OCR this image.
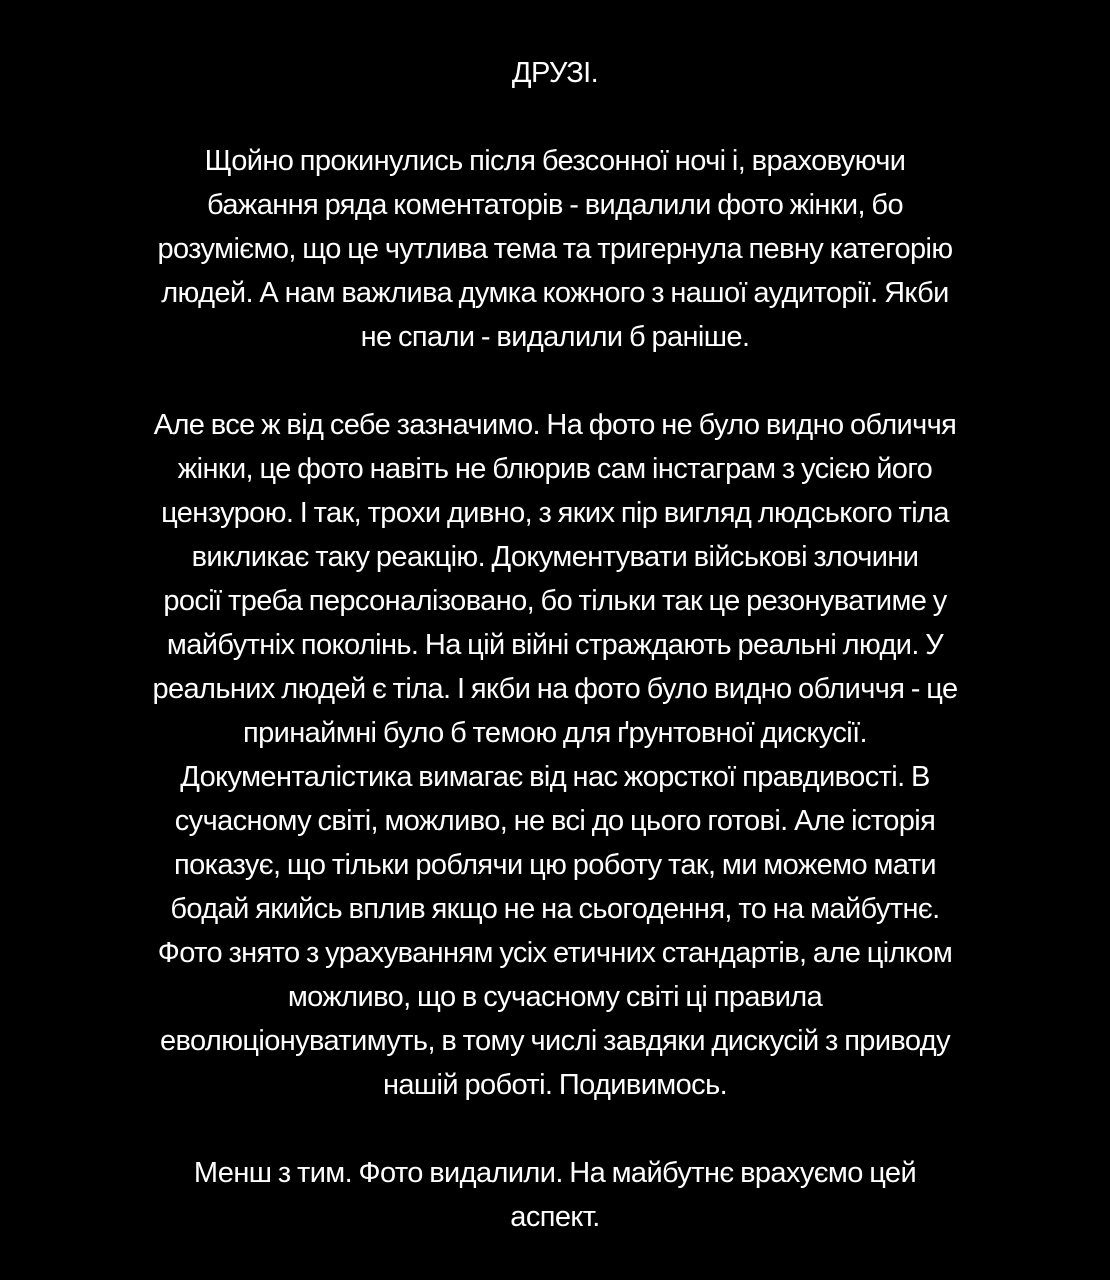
ДРУЗІ.
Щойно прокинулись після безсонної ночі і, враховуючи
бажання ряда коментаторів - видалили фото жінки, бо
розуміємо, що це чутлива тема та тригернула певну категорію
людей. А нам важлива думка кожного з нашої аудиторії. Якби
не спали - видалили б раніше.
Але все ж від себе зазначимо. На фото не було видно обличчя
жінки, це фото навіть не блюрив сам інстаграм з усією його
цензурою. І так, трохи дивно, з яких пір вигляд людського тіла
викликає таку реакцію. Документувати військові злочини
росії треба персоналізовано, бо тільки так це резонуватиме у
майбутніх поколінь. На цій війні страждають реальні люди. У
реальних людей є тіла. І якби на фото було видно обличчя - це
принаймні було б темою для ґрунтовної дискусії.
Документалістика вимагає від нас жорсткої правдивості. В
сучасному світі, можливо, не всі до цього готові. Але історія
показує, що тільки роблячи цю роботу так, ми можемо мати
бодай якийсь вплив якщо не на сьогодення, то на майбутнє.
Фото знято з урахуванням усіх етичних стандартів, але цілком
можливо, що в сучасному світі ці правила
еволюціонуватимуть, в тому числі завдяки дискусій з приводу
нашій роботі. Подивимось.
Менш з тим. Фото видалили. На майбутнє врахуємо цей
аспект.
